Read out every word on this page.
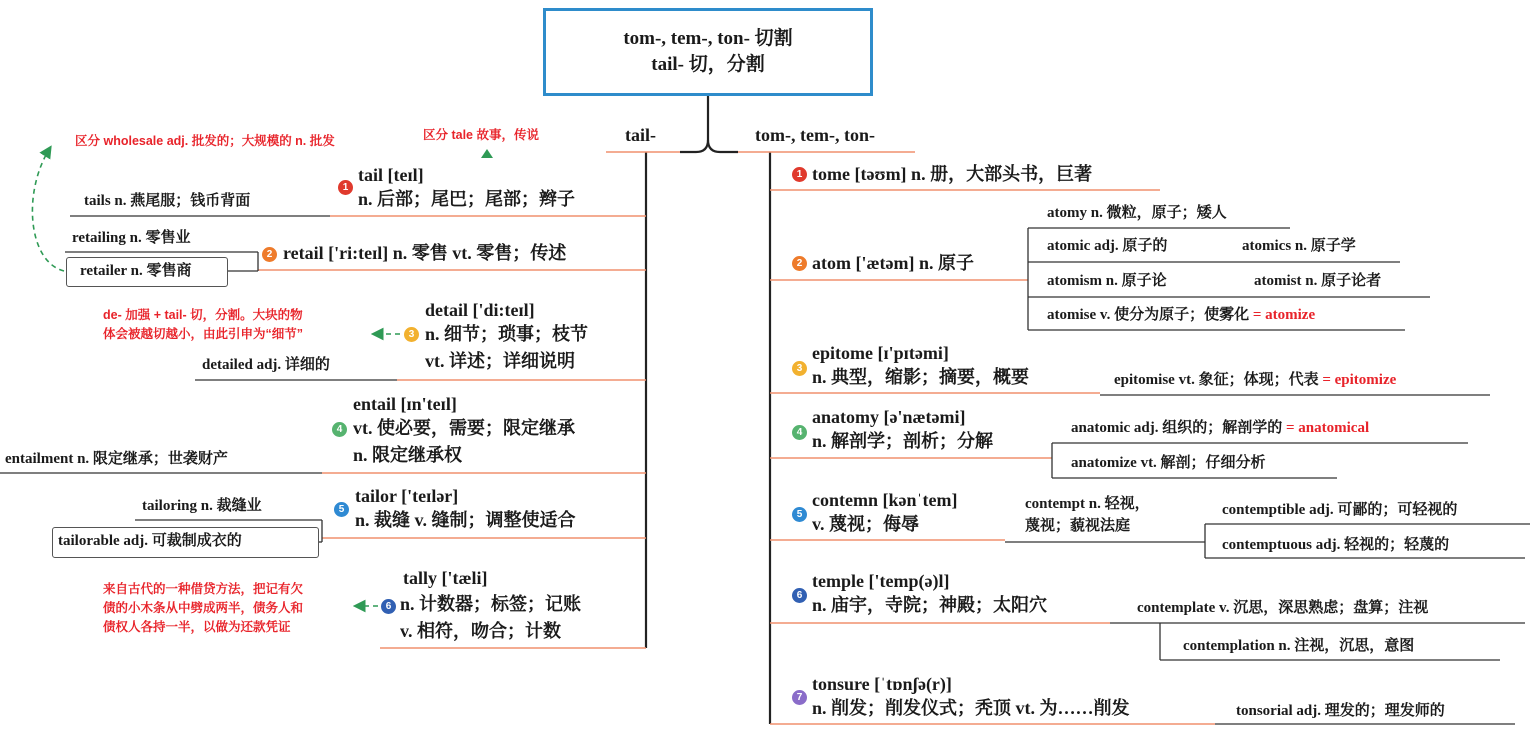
tom-, tem-, ton- 切割
tail- 切，分割
tail-	tom-, tem-, ton-
区分 wholesale adj. 批发的；大规模的 n. 批发	区分 tale 故事，传说
de- 加强 + tail- 切，分割。大块的物
体会被越切越小，由此引申为“细节”
来自古代的一种借贷方法，把记有欠
债的小木条从中劈成两半，债务人和
债权人各持一半，以做为还款凭证
1
tail [teɪl]
n. 后部；尾巴；尾部；辫子
tails n. 燕尾服；钱币背面
2 retail ['ri:teɪl] n. 零售 vt. 零售；传述
retailing n. 零售业
retailer n. 零售商
detail ['di:teɪl]
3 n. 细节；琐事；枝节
vt. 详述；详细说明
detailed adj. 详细的
entail [ɪn'teɪl]
4 vt. 使必要，需要；限定继承
n. 限定继承权
entailment n. 限定继承；世袭财产
tailor ['teɪlər]
5
n. 裁缝 v. 缝制；调整使适合
tailoring n. 裁缝业
tailorable adj. 可裁制成衣的
tally ['tæli]
6 n. 计数器；标签；记账
v. 相符，吻合；计数
1 tome [təʊm] n. 册，大部头书，巨著
2 atom ['ætəm] n. 原子
atomy n. 微粒，原子；矮人
atomic adj. 原子的	atomics n. 原子学
atomism n. 原子论	atomist n. 原子论者
atomise v. 使分为原子；使雾化 = atomize
epitome [ɪ'pɪtəmi]
3 n. 典型，缩影；摘要，概要	epitomise vt. 象征；体现；代表 = epitomize
anatomy [ə'nætəmi]
4 n. 解剖学；剖析；分解
anatomic adj. 组织的；解剖学的 = anatomical
anatomize vt. 解剖；仔细分析
contemn [kənˈtem]
5 v. 蔑视；侮辱
contempt n. 轻视，
蔑视；藐视法庭
contemptible adj. 可鄙的；可轻视的
contemptuous adj. 轻视的；轻蔑的
temple ['temp(ə)l]
6 n. 庙宇，寺院；神殿；太阳穴	contemplate v. 沉思，深思熟虑；盘算；注视
contemplation n. 注视，沉思，意图
tonsure [ˈtɒnʃə(r)]
7
n. 削发；削发仪式；秃顶 vt. 为……削发	tonsorial adj. 理发的；理发师的
